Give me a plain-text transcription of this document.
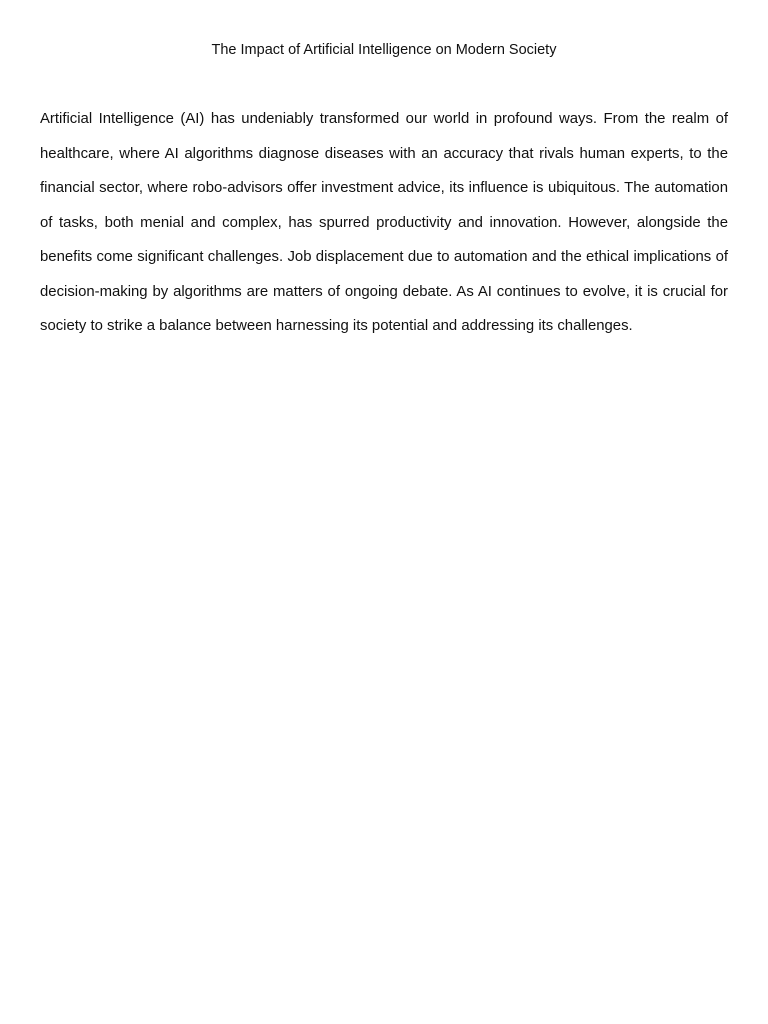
The Impact of Artificial Intelligence on Modern Society

Artificial Intelligence (AI) has undeniably transformed our world in profound ways. From the realm of healthcare, where AI algorithms diagnose diseases with an accuracy that rivals human experts, to the financial sector, where robo-advisors offer investment advice, its influence is ubiquitous. The automation of tasks, both menial and complex, has spurred productivity and innovation. However, alongside the benefits come significant challenges. Job displacement due to automation and the ethical implications of decision-making by algorithms are matters of ongoing debate. As AI continues to evolve, it is crucial for society to strike a balance between harnessing its potential and addressing its challenges.
